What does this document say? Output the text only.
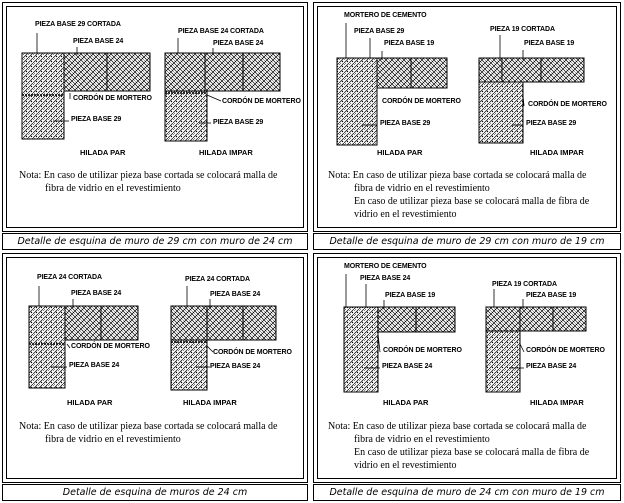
PIEZA BASE 29 CORTADA
PIEZA BASE 24
CORDÓN DE MORTERO
PIEZA BASE 29
PIEZA BASE 24 CORTADA
PIEZA BASE 24
CORDÓN DE MORTERO
PIEZA BASE 29
HILADA PAR	HILADA IMPAR
Nota: En caso de utilizar pieza base cortada se colocará malla de
fibra de vidrio en el revestimiento
Detalle de esquina de muro de 29 cm con muro de 24 cm
MORTERO DE CEMENTO
PIEZA BASE 29
PIEZA BASE 19
CORDÓN DE MORTERO
PIEZA BASE 29
PIEZA 19 CORTADA
PIEZA BASE 19
CORDÓN DE MORTERO
PIEZA BASE 29
HILADA PAR	HILADA IMPAR
Nota: En caso de utilizar pieza base cortada se colocará malla de
fibra de vidrio en el revestimiento
En caso de utilizar pieza base se colocará malla de fibra de
vidrio en el revestimiento
Detalle de esquina de muro de 29 cm con muro de 19 cm
PIEZA 24 CORTADA
PIEZA BASE 24
CORDÓN DE MORTERO
PIEZA BASE 24
PIEZA 24 CORTADA
PIEZA BASE 24
CORDÓN DE MORTERO
PIEZA BASE 24
HILADA PAR	HILADA IMPAR
Nota: En caso de utilizar pieza base cortada se colocará malla de
fibra de vidrio en el revestimiento
Detalle de esquina de muros de 24 cm
MORTERO DE CEMENTO
PIEZA BASE 24
PIEZA BASE 19
CORDÓN DE MORTERO
PIEZA BASE 24
PIEZA 19 CORTADA
PIEZA BASE 19
CORDÓN DE MORTERO
PIEZA BASE 24
HILADA PAR	HILADA IMPAR
Nota: En caso de utilizar pieza base cortada se colocará malla de
fibra de vidrio en el revestimiento
En caso de utilizar pieza base se colocará malla de fibra de
vidrio en el revestimiento
Detalle de esquina de muro de 24 cm con muro de 19 cm
